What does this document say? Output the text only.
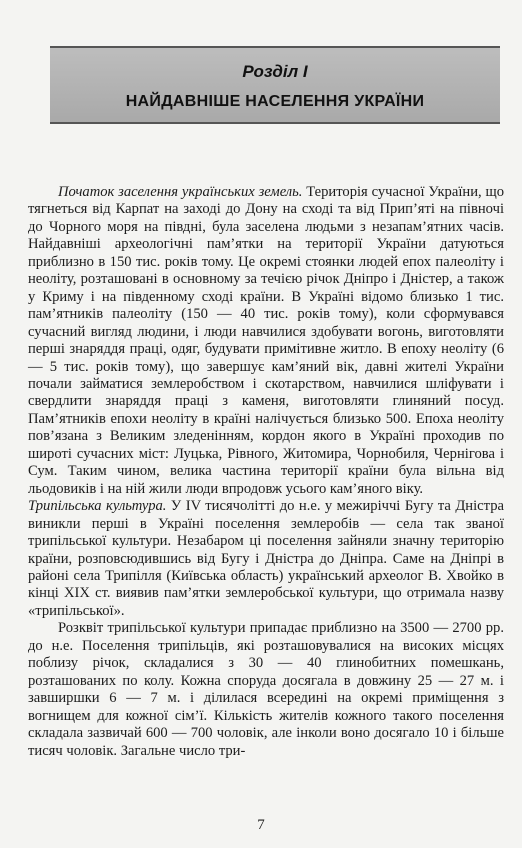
Розділ I
НАЙДАВНІШЕ НАСЕЛЕННЯ УКРАЇНИ

Початок заселення українських земель. Територія сучасної України, що тягнеться від Карпат на заході до Дону на сході та від Прип’яті на півночі до Чорного моря на півдні, була заселена людьми з незапам’ятних часів. Найдавніші археологічні пам’ятки на території України датуються приблизно в 150 тис. років тому. Це окремі стоянки людей епох палеоліту і неоліту, розташовані в основному за течією річок Дніпро і Дністер, а також у Криму і на південному сході країни. В Україні відомо близько 1 тис. пам’ятників палеоліту (150 — 40 тис. років тому), коли сформувався сучасний вигляд людини, і люди навчилися здобувати вогонь, виготовляти перші знаряддя праці, одяг, будувати примітивне житло. В епоху неоліту (6 — 5 тис. років тому), що завершує кам’яний вік, давні жителі України почали займатися землеробством і скотарством, навчилися шліфувати і свердлити знаряддя праці з каменя, виготовляти глиняний посуд. Пам’ятників епохи неоліту в країні налічується близько 500. Епоха неоліту пов’язана з Великим зледенінням, кордон якого в Україні проходив по широті сучасних міст: Луцька, Рівного, Житомира, Чорнобиля, Чернігова і Сум. Таким чином, велика частина території країни була вільна від льодовиків і на ній жили люди впродовж усього кам’яного віку.

Трипільська культура. У IV тисячолітті до н.е. у межиріччі Бугу та Дністра виникли перші в Україні поселення землеробів — села так званої трипільської культури. Незабаром ці поселення зайняли значну територію країни, розповсюдившись від Бугу і Дністра до Дніпра. Саме на Дніпрі в районі села Трипілля (Київська область) український археолог В. Хвойко в кінці XIX ст. виявив пам’ятки землеробської культури, що отримала назву «трипільської».

Розквіт трипільської культури припадає приблизно на 3500 — 2700 рр. до н.е. Поселення трипільців, які розташовувалися на високих місцях поблизу річок, складалися з 30 — 40 глинобитних помешкань, розташованих по колу. Кожна споруда досягала в довжину 25 — 27 м. і завширшки 6 — 7 м. і ділилася всередині на окремі приміщення з вогнищем для кожної сім’ї. Кількість жителів кожного такого поселення складала зазвичай 600 — 700 чоловік, але інколи воно досягало 10 і більше тисяч чоловік. Загальне число три-

7
